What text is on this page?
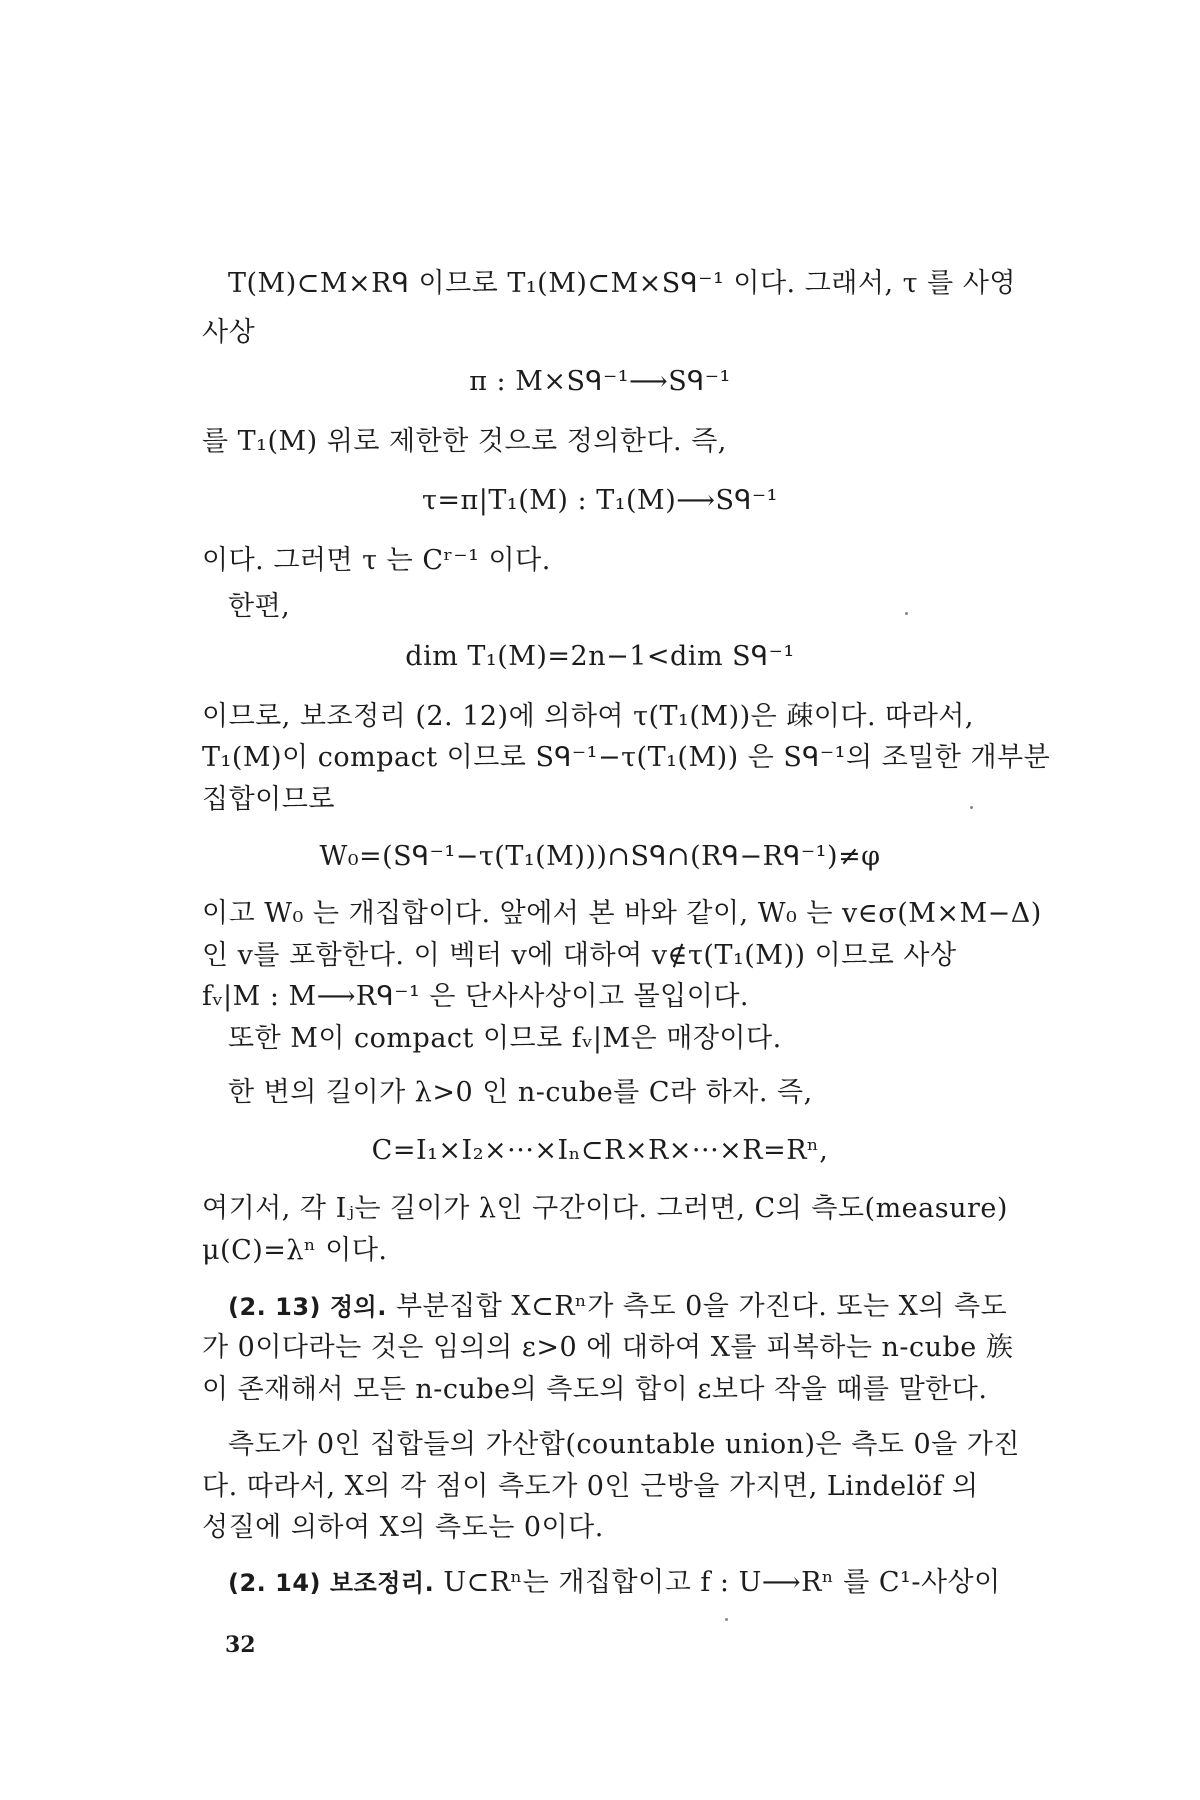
T(M)⊂M×Rᑫ 이므로 T₁(M)⊂M×Sᑫ⁻¹ 이다. 그래서, τ 를 사영
사상
π : M×Sᑫ⁻¹⟶Sᑫ⁻¹
를 T₁(M) 위로 제한한 것으로 정의한다. 즉,
τ=π|T₁(M) : T₁(M)⟶Sᑫ⁻¹
이다. 그러면 τ 는 Cʳ⁻¹ 이다.
한편,
dim T₁(M)=2n−1<dim Sᑫ⁻¹
이므로, 보조정리 (2. 12)에 의하여 τ(T₁(M))은 疎이다. 따라서,
T₁(M)이 compact 이므로 Sᑫ⁻¹−τ(T₁(M)) 은 Sᑫ⁻¹의 조밀한 개부분
집합이므로
W₀=(Sᑫ⁻¹−τ(T₁(M)))∩Sᑫ∩(Rᑫ−Rᑫ⁻¹)≠φ
이고 W₀ 는 개집합이다. 앞에서 본 바와 같이, W₀ 는 v∈σ(M×M−Δ)
인 v를 포함한다. 이 벡터 v에 대하여 v∉τ(T₁(M)) 이므로 사상
fᵥ|M : M⟶Rᑫ⁻¹ 은 단사사상이고 몰입이다.
또한 M이 compact 이므로 fᵥ|M은 매장이다.
한 변의 길이가 λ>0 인 n-cube를 C라 하자. 즉,
C=I₁×I₂×···×Iₙ⊂R×R×···×R=Rⁿ,
여기서, 각 Iⱼ는 길이가 λ인 구간이다. 그러면, C의 측도(measure)
μ(C)=λⁿ 이다.
(2. 13) 정의. 부분집합 X⊂Rⁿ가 측도 0을 가진다. 또는 X의 측도
가 0이다라는 것은 임의의 ε>0 에 대하여 X를 피복하는 n-cube 族
이 존재해서 모든 n-cube의 측도의 합이 ε보다 작을 때를 말한다.
측도가 0인 집합들의 가산합(countable union)은 측도 0을 가진
다. 따라서, X의 각 점이 측도가 0인 근방을 가지면, Lindelöf 의
성질에 의하여 X의 측도는 0이다.
(2. 14) 보조정리. U⊂Rⁿ는 개집합이고 f : U⟶Rⁿ 를 C¹-사상이
32
